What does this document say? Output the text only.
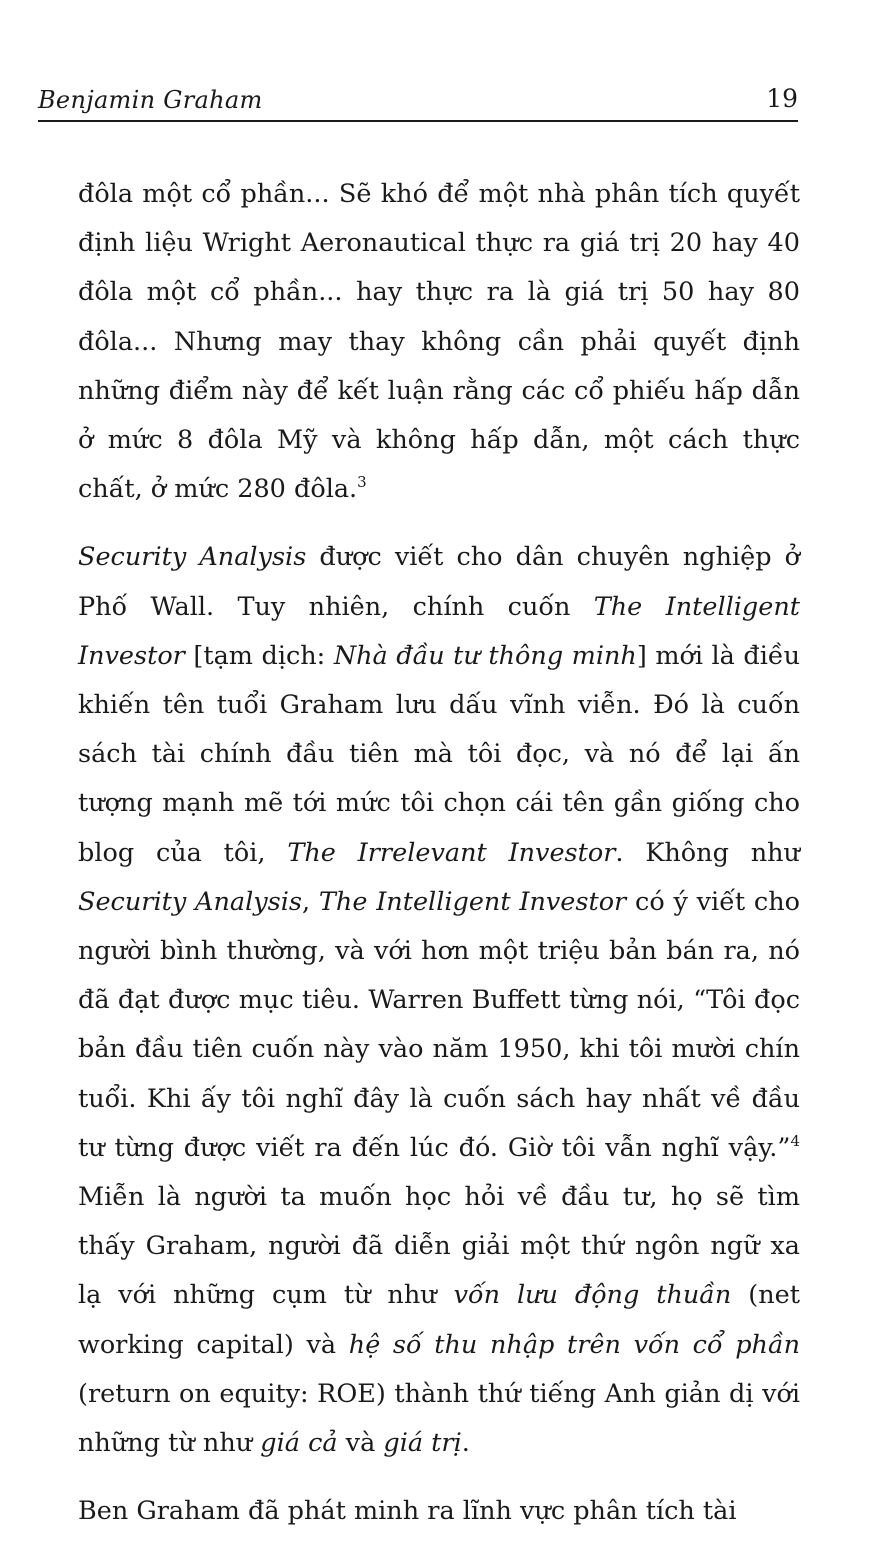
Benjamin Graham	19

đôla một cổ phần... Sẽ khó để một nhà phân tích quyết định liệu Wright Aeronautical thực ra giá trị 20 hay 40 đôla một cổ phần... hay thực ra là giá trị 50 hay 80 đôla... Nhưng may thay không cần phải quyết định những điểm này để kết luận rằng các cổ phiếu hấp dẫn ở mức 8 đôla Mỹ và không hấp dẫn, một cách thực chất, ở mức 280 đôla.$^3$

Security Analysis được viết cho dân chuyên nghiệp ở Phố Wall. Tuy nhiên, chính cuốn The Intelligent Investor [tạm dịch: Nhà đầu tư thông minh] mới là điều khiến tên tuổi Graham lưu dấu vĩnh viễn. Đó là cuốn sách tài chính đầu tiên mà tôi đọc, và nó để lại ấn tượng mạnh mẽ tới mức tôi chọn cái tên gần giống cho blog của tôi, The Irrelevant Investor. Không như Security Analysis, The Intelligent Investor có ý viết cho người bình thường, và với hơn một triệu bản bán ra, nó đã đạt được mục tiêu. Warren Buffett từng nói, “Tôi đọc bản đầu tiên cuốn này vào năm 1950, khi tôi mười chín tuổi. Khi ấy tôi nghĩ đây là cuốn sách hay nhất về đầu tư từng được viết ra đến lúc đó. Giờ tôi vẫn nghĩ vậy.”$^4$ Miễn là người ta muốn học hỏi về đầu tư, họ sẽ tìm thấy Graham, người đã diễn giải một thứ ngôn ngữ xa lạ với những cụm từ như vốn lưu động thuần (net working capital) và hệ số thu nhập trên vốn cổ phần (return on equity: ROE) thành thứ tiếng Anh giản dị với những từ như giá cả và giá trị.

Ben Graham đã phát minh ra lĩnh vực phân tích tài
